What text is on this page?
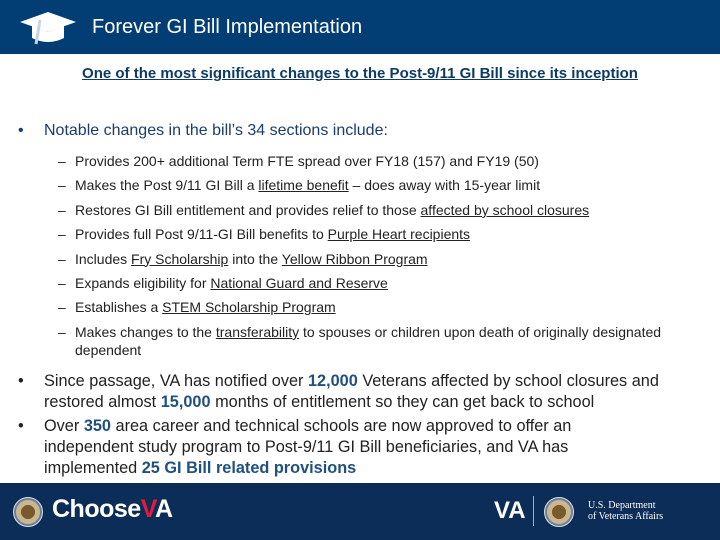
Forever GI Bill Implementation
One of the most significant changes to the Post-9/11 GI Bill since its inception
• Notable changes in the bill’s 34 sections include:
– Provides 200+ additional Term FTE spread over FY18 (157) and FY19 (50)
– Makes the Post 9/11 GI Bill a lifetime benefit – does away with 15-year limit
– Restores GI Bill entitlement and provides relief to those affected by school closures
– Provides full Post 9/11-GI Bill benefits to Purple Heart recipients
– Includes Fry Scholarship into the Yellow Ribbon Program
– Expands eligibility for National Guard and Reserve
– Establishes a STEM Scholarship Program
– Makes changes to the transferability to spouses or children upon death of originally designated dependent
• Since passage, VA has notified over 12,000 Veterans affected by school closures and restored almost 15,000 months of entitlement so they can get back to school
• Over 350 area career and technical schools are now approved to offer an independent study program to Post-9/11 GI Bill beneficiaries, and VA has implemented 25 GI Bill related provisions
ChooseVA	VA	U.S. Department
of Veterans Affairs
